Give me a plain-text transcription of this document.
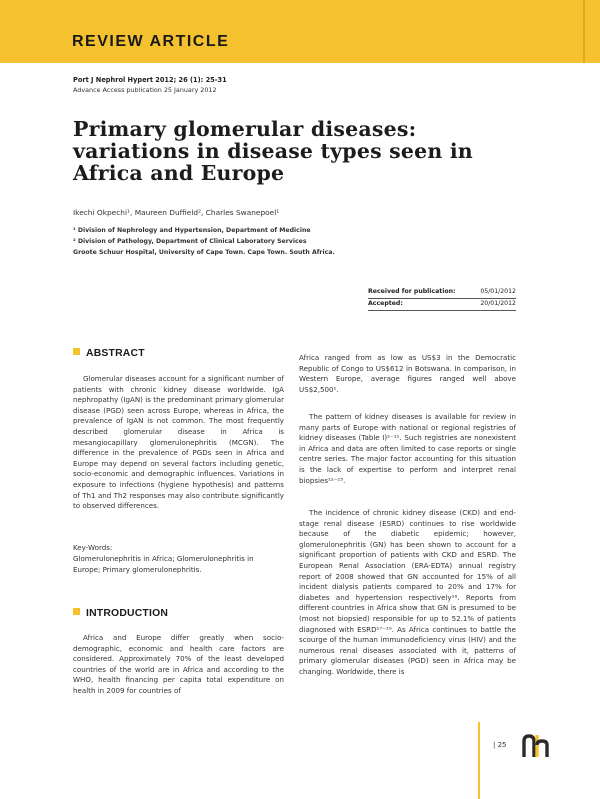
REVIEW ARTICLE
Port J Nephrol Hypert 2012; 26 (1): 25-31
Advance Access publication 25 January 2012
Primary glomerular diseases: variations in disease types seen in Africa and Europe
Ikechi Okpechi¹, Maureen Duffield², Charles Swanepoel¹
¹ Division of Nephrology and Hypertension, Department of Medicine
² Division of Pathology, Department of Clinical Laboratory Services
Groote Schuur Hospital, University of Cape Town. Cape Town. South Africa.
Received for publication:	05/01/2012
Accepted:	20/01/2012
ABSTRACT
Glomerular diseases account for a significant number of patients with chronic kidney disease worldwide. IgA nephropathy (IgAN) is the predominant primary glomerular disease (PGD) seen across Europe, whereas in Africa, the prevalence of IgAN is not common. The most frequently described glomerular disease in Africa is mesangiocapillary glomerulonephritis (MCGN). The difference in the prevalence of PGDs seen in Africa and Europe may depend on several factors including genetic, socio-economic and demographic influences. Variations in exposure to infections (hygiene hypothesis) and patterns of Th1 and Th2 responses may also contribute significantly to observed differences.
Key-Words:
Glomerulonephritis in Africa; Glomerulonephritis in Europe; Primary glomerulonephritis.
INTRODUCTION
Africa and Europe differ greatly when socio-demographic, economic and health care factors are considered. Approximately 70% of the least developed countries of the world are in Africa and according to the WHO, health financing per capita total expenditure on health in 2009 for countries of
Africa ranged from as low as US$3 in the Democratic Republic of Congo to US$612 in Botswana. In comparison, in Western Europe, average figures ranged well above US$2,500¹.
The pattern of kidney diseases is available for review in many parts of Europe with national or regional registries of kidney diseases (Table I)²⁻¹¹. Such registries are nonexistent in Africa and data are often limited to case reports or single centre series. The major factor accounting for this situation is the lack of expertise to perform and interpret renal biopsies¹²⁻¹⁵.
The incidence of chronic kidney disease (CKD) and end-stage renal disease (ESRD) continues to rise worldwide because of the diabetic epidemic; however, glomerulonephritis (GN) has been shown to account for a significant proportion of patients with CKD and ESRD. The European Renal Association (ERA-EDTA) annual registry report of 2008 showed that GN accounted for 15% of all incident dialysis patients compared to 20% and 17% for diabetes and hypertension respectively¹⁶. Reports from different countries in Africa show that GN is presumed to be (most not biopsied) responsible for up to 52.1% of patients diagnosed with ESRD¹⁷⁻¹⁹. As Africa continues to battle the scourge of the human immunodeficiency virus (HIV) and the numerous renal diseases associated with it, patterns of primary glomerular diseases (PGD) seen in Africa may be changing. Worldwide, there is
| 25
